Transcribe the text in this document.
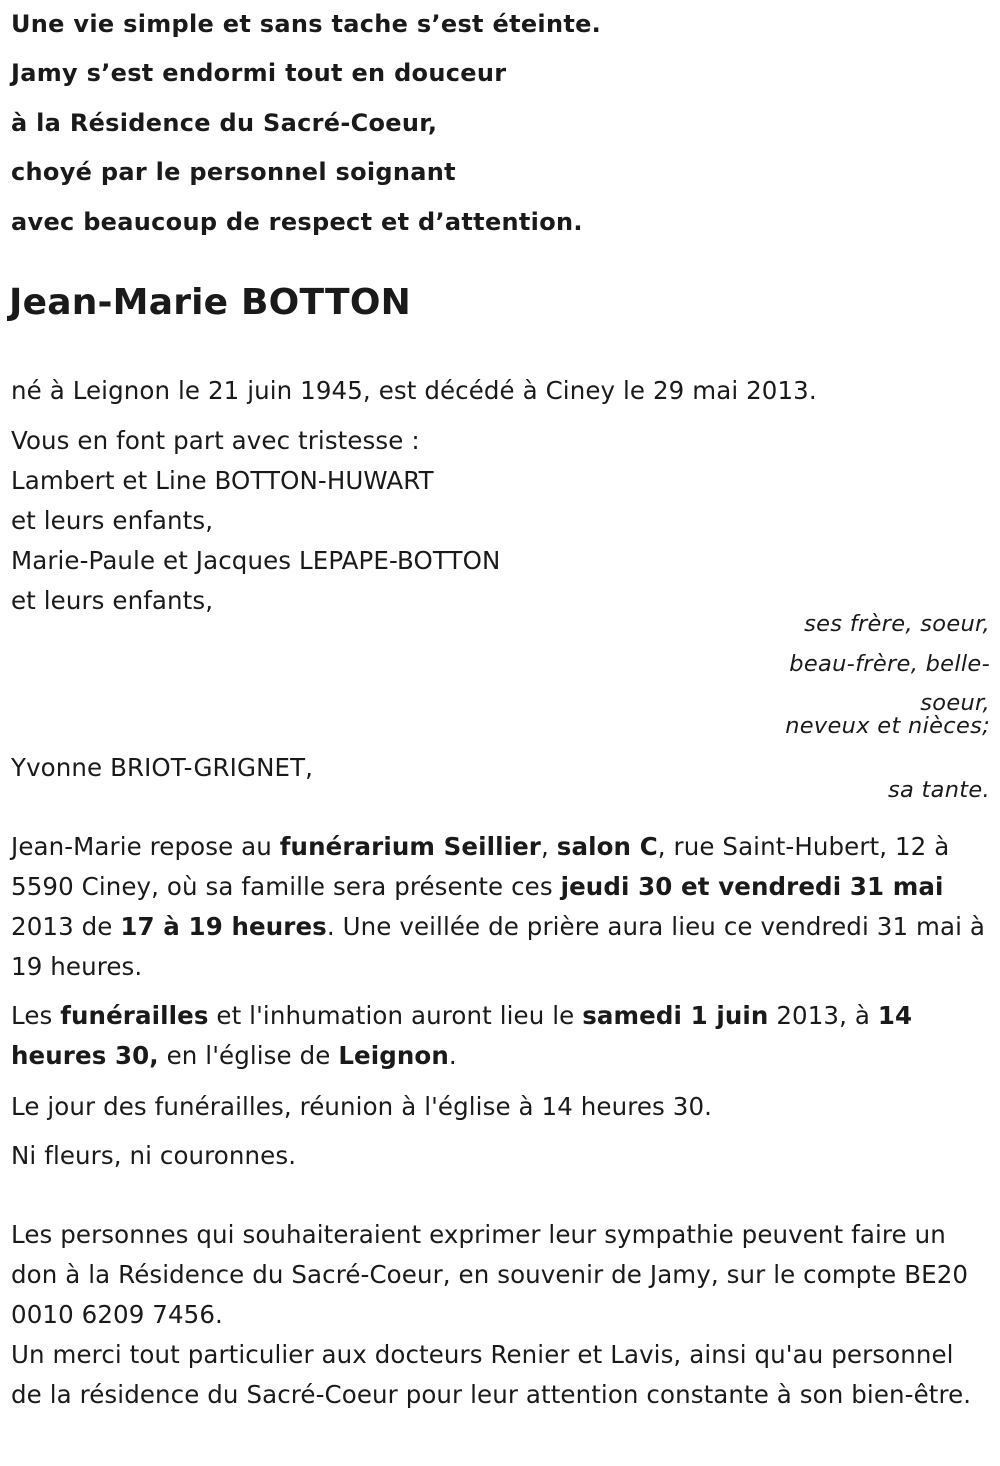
Une vie simple et sans tache s’est éteinte.

Jamy s’est endormi tout en douceur

à la Résidence du Sacré-Coeur,

choyé par le personnel soignant

avec beaucoup de respect et d’attention.

Jean-Marie BOTTON

né à Leignon le 21 juin 1945, est décédé à Ciney le 29 mai 2013.

Vous en font part avec tristesse :

Lambert et Line BOTTON-HUWART

et leurs enfants,

Marie-Paule et Jacques LEPAPE-BOTTON

et leurs enfants,

ses frère, soeur,

beau-frère, belle-

soeur,

neveux et nièces;

Yvonne BRIOT-GRIGNET,

sa tante.

Jean-Marie repose au funérarium Seillier, salon C, rue Saint-Hubert, 12 à 5590 Ciney, où sa famille sera présente ces jeudi 30 et vendredi 31 mai 2013 de 17 à 19 heures. Une veillée de prière aura lieu ce vendredi 31 mai à 19 heures.

Les funérailles et l'inhumation auront lieu le samedi 1 juin 2013, à 14 heures 30, en l'église de Leignon.

Le jour des funérailles, réunion à l'église à 14 heures 30.

Ni fleurs, ni couronnes.

Les personnes qui souhaiteraient exprimer leur sympathie peuvent faire un don à la Résidence du Sacré-Coeur, en souvenir de Jamy, sur le compte BE20 0010 6209 7456.

Un merci tout particulier aux docteurs Renier et Lavis, ainsi qu'au personnel de la résidence du Sacré-Coeur pour leur attention constante à son bien-être.
